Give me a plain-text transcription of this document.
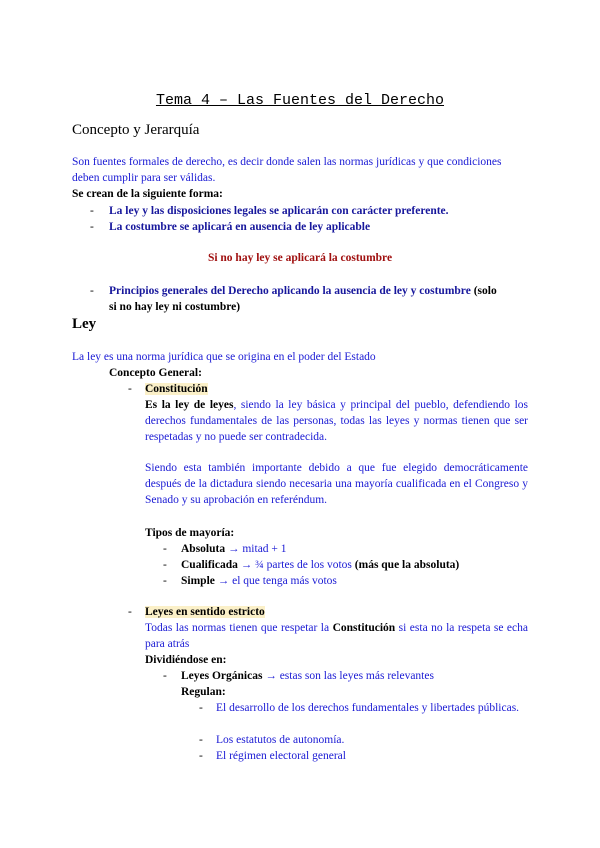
Tema 4 – Las Fuentes del Derecho
Concepto y Jerarquía
Son fuentes formales de derecho, es decir donde salen las normas jurídicas y que condiciones
deben cumplir para ser válidas.
Se crean de la siguiente forma:
- La ley y las disposiciones legales se aplicarán con carácter preferente.
- La costumbre se aplicará en ausencia de ley aplicable
Si no hay ley se aplicará la costumbre
- Principios generales del Derecho aplicando la ausencia de ley y costumbre (solo
si no hay ley ni costumbre)
Ley
La ley es una norma jurídica que se origina en el poder del Estado
Concepto General:
- Constitución
Es la ley de leyes, siendo la ley básica y principal del pueblo, defendiendo los derechos fundamentales de las personas, todas las leyes y normas tienen que ser respetadas y no puede ser contradecida.
Siendo esta también importante debido a que fue elegido democráticamente después de la dictadura siendo necesaria una mayoría cualificada en el Congreso y Senado y su aprobación en referéndum.
Tipos de mayoría:
- Absoluta → mitad + 1
- Cualificada → ¾ partes de los votos (más que la absoluta)
- Simple → el que tenga más votos
- Leyes en sentido estricto
Todas las normas tienen que respetar la Constitución si esta no la respeta se echa para atrás
Dividiéndose en:
- Leyes Orgánicas → estas son las leyes más relevantes
Regulan:
- El desarrollo de los derechos fundamentales y libertades públicas.
- Los estatutos de autonomía.
- El régimen electoral general
